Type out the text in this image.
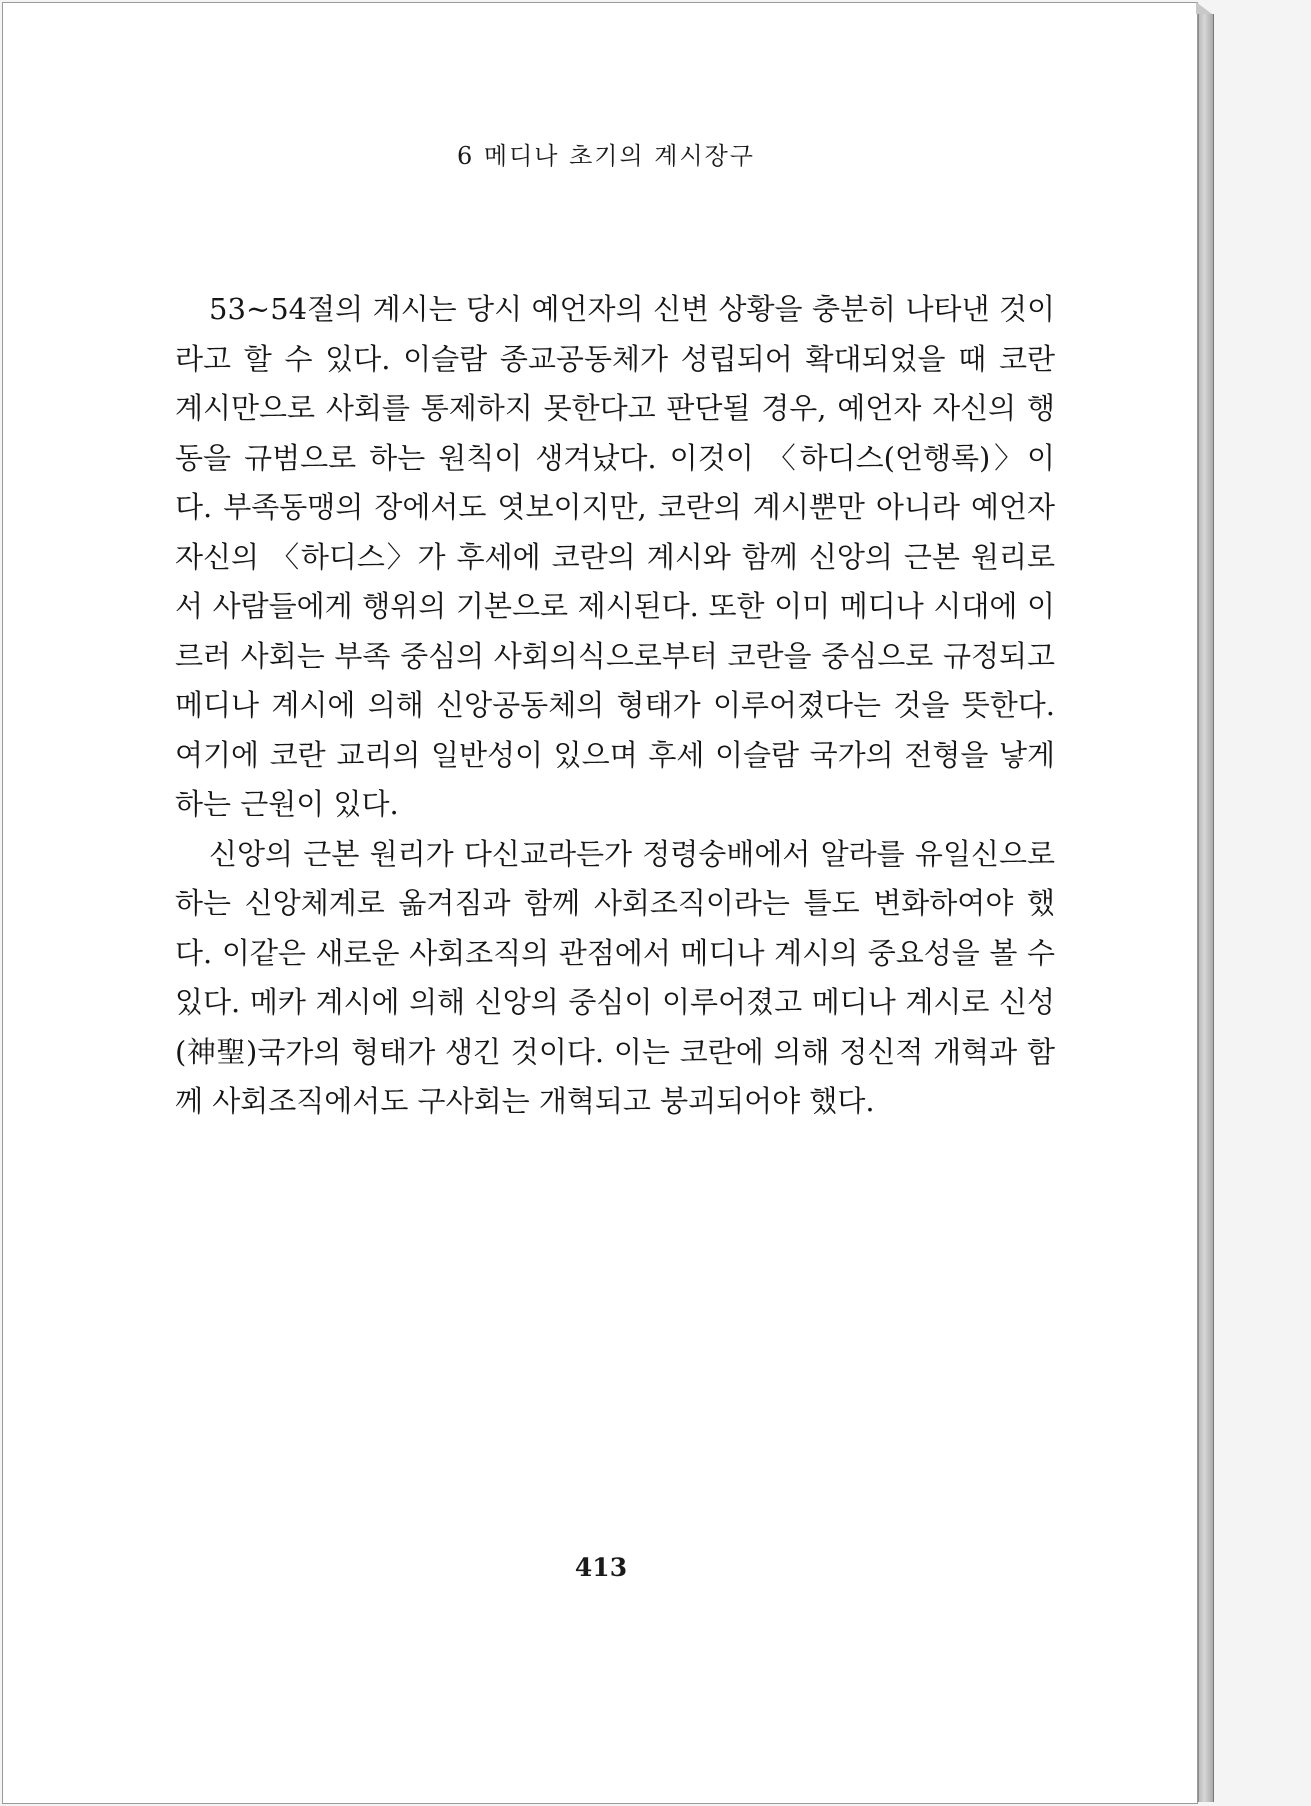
6 메디나 초기의 계시장구

53~54절의 계시는 당시 예언자의 신변 상황을 충분히 나타낸 것이라고 할 수 있다. 이슬람 종교공동체가 성립되어 확대되었을 때 코란 계시만으로 사회를 통제하지 못한다고 판단될 경우, 예언자 자신의 행동을 규범으로 하는 원칙이 생겨났다. 이것이 〈하디스(언행록)〉이다. 부족동맹의 장에서도 엿보이지만, 코란의 계시뿐만 아니라 예언자 자신의 〈하디스〉가 후세에 코란의 계시와 함께 신앙의 근본 원리로서 사람들에게 행위의 기본으로 제시된다. 또한 이미 메디나 시대에 이르러 사회는 부족 중심의 사회의식으로부터 코란을 중심으로 규정되고 메디나 계시에 의해 신앙공동체의 형태가 이루어졌다는 것을 뜻한다. 여기에 코란 교리의 일반성이 있으며 후세 이슬람 국가의 전형을 낳게 하는 근원이 있다.

신앙의 근본 원리가 다신교라든가 정령숭배에서 알라를 유일신으로 하는 신앙체계로 옮겨짐과 함께 사회조직이라는 틀도 변화하여야 했다. 이같은 새로운 사회조직의 관점에서 메디나 계시의 중요성을 볼 수 있다. 메카 계시에 의해 신앙의 중심이 이루어졌고 메디나 계시로 신성(神聖)국가의 형태가 생긴 것이다. 이는 코란에 의해 정신적 개혁과 함께 사회조직에서도 구사회는 개혁되고 붕괴되어야 했다.

413
